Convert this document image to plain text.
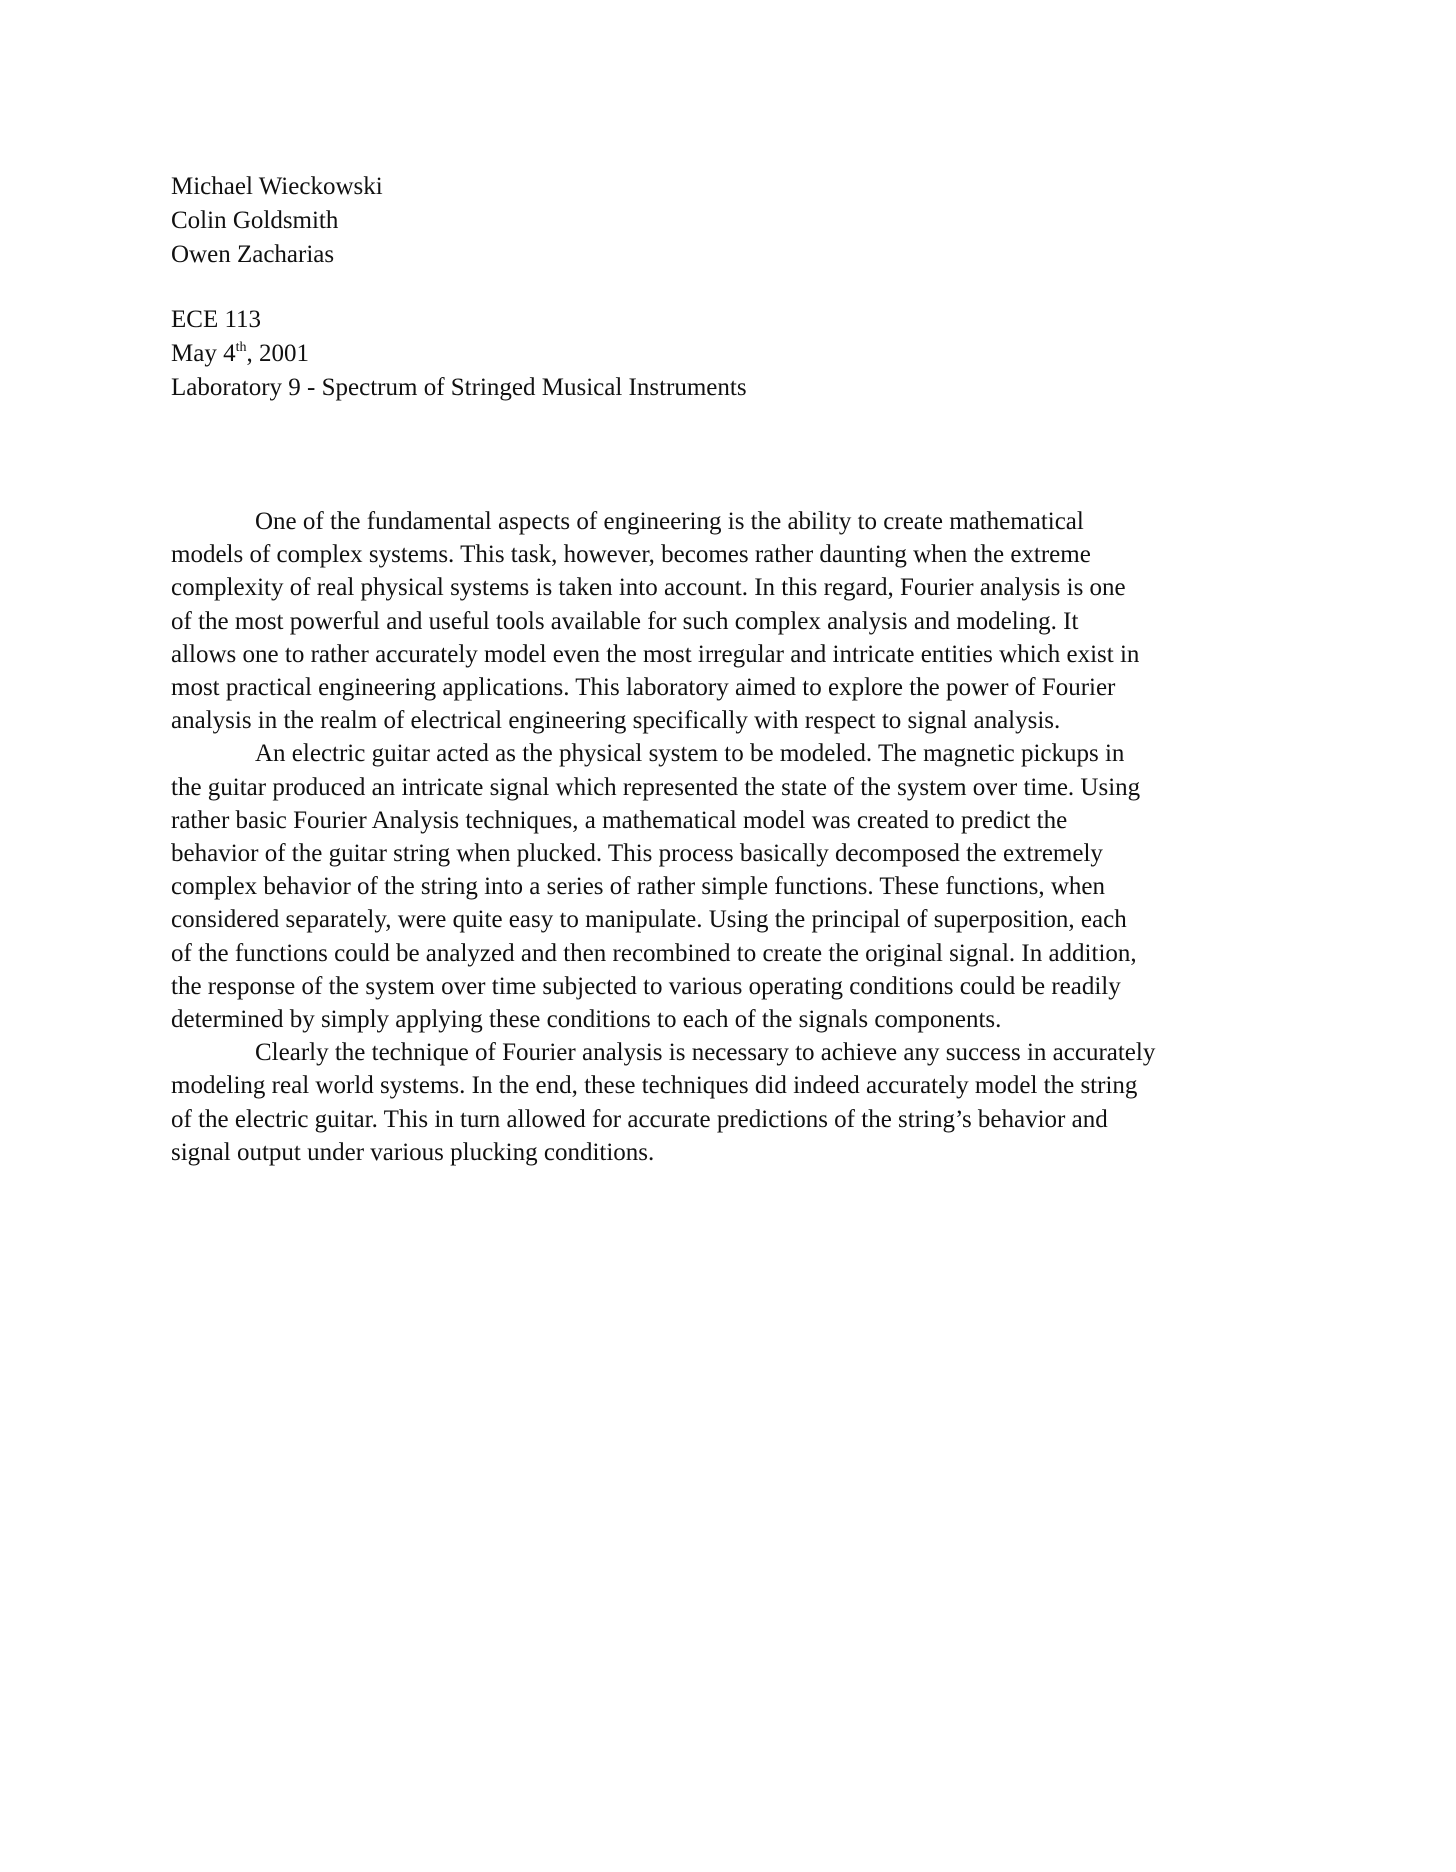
Michael Wieckowski
Colin Goldsmith
Owen Zacharias
ECE 113
May 4th, 2001
Laboratory 9 - Spectrum of Stringed Musical Instruments
One of the fundamental aspects of engineering is the ability to create mathematical
models of complex systems. This task, however, becomes rather daunting when the extreme
complexity of real physical systems is taken into account. In this regard, Fourier analysis is one
of the most powerful and useful tools available for such complex analysis and modeling. It
allows one to rather accurately model even the most irregular and intricate entities which exist in
most practical engineering applications. This laboratory aimed to explore the power of Fourier
analysis in the realm of electrical engineering specifically with respect to signal analysis.
An electric guitar acted as the physical system to be modeled. The magnetic pickups in
the guitar produced an intricate signal which represented the state of the system over time. Using
rather basic Fourier Analysis techniques, a mathematical model was created to predict the
behavior of the guitar string when plucked. This process basically decomposed the extremely
complex behavior of the string into a series of rather simple functions. These functions, when
considered separately, were quite easy to manipulate. Using the principal of superposition, each
of the functions could be analyzed and then recombined to create the original signal. In addition,
the response of the system over time subjected to various operating conditions could be readily
determined by simply applying these conditions to each of the signals components.
Clearly the technique of Fourier analysis is necessary to achieve any success in accurately
modeling real world systems. In the end, these techniques did indeed accurately model the string
of the electric guitar. This in turn allowed for accurate predictions of the string’s behavior and
signal output under various plucking conditions.
